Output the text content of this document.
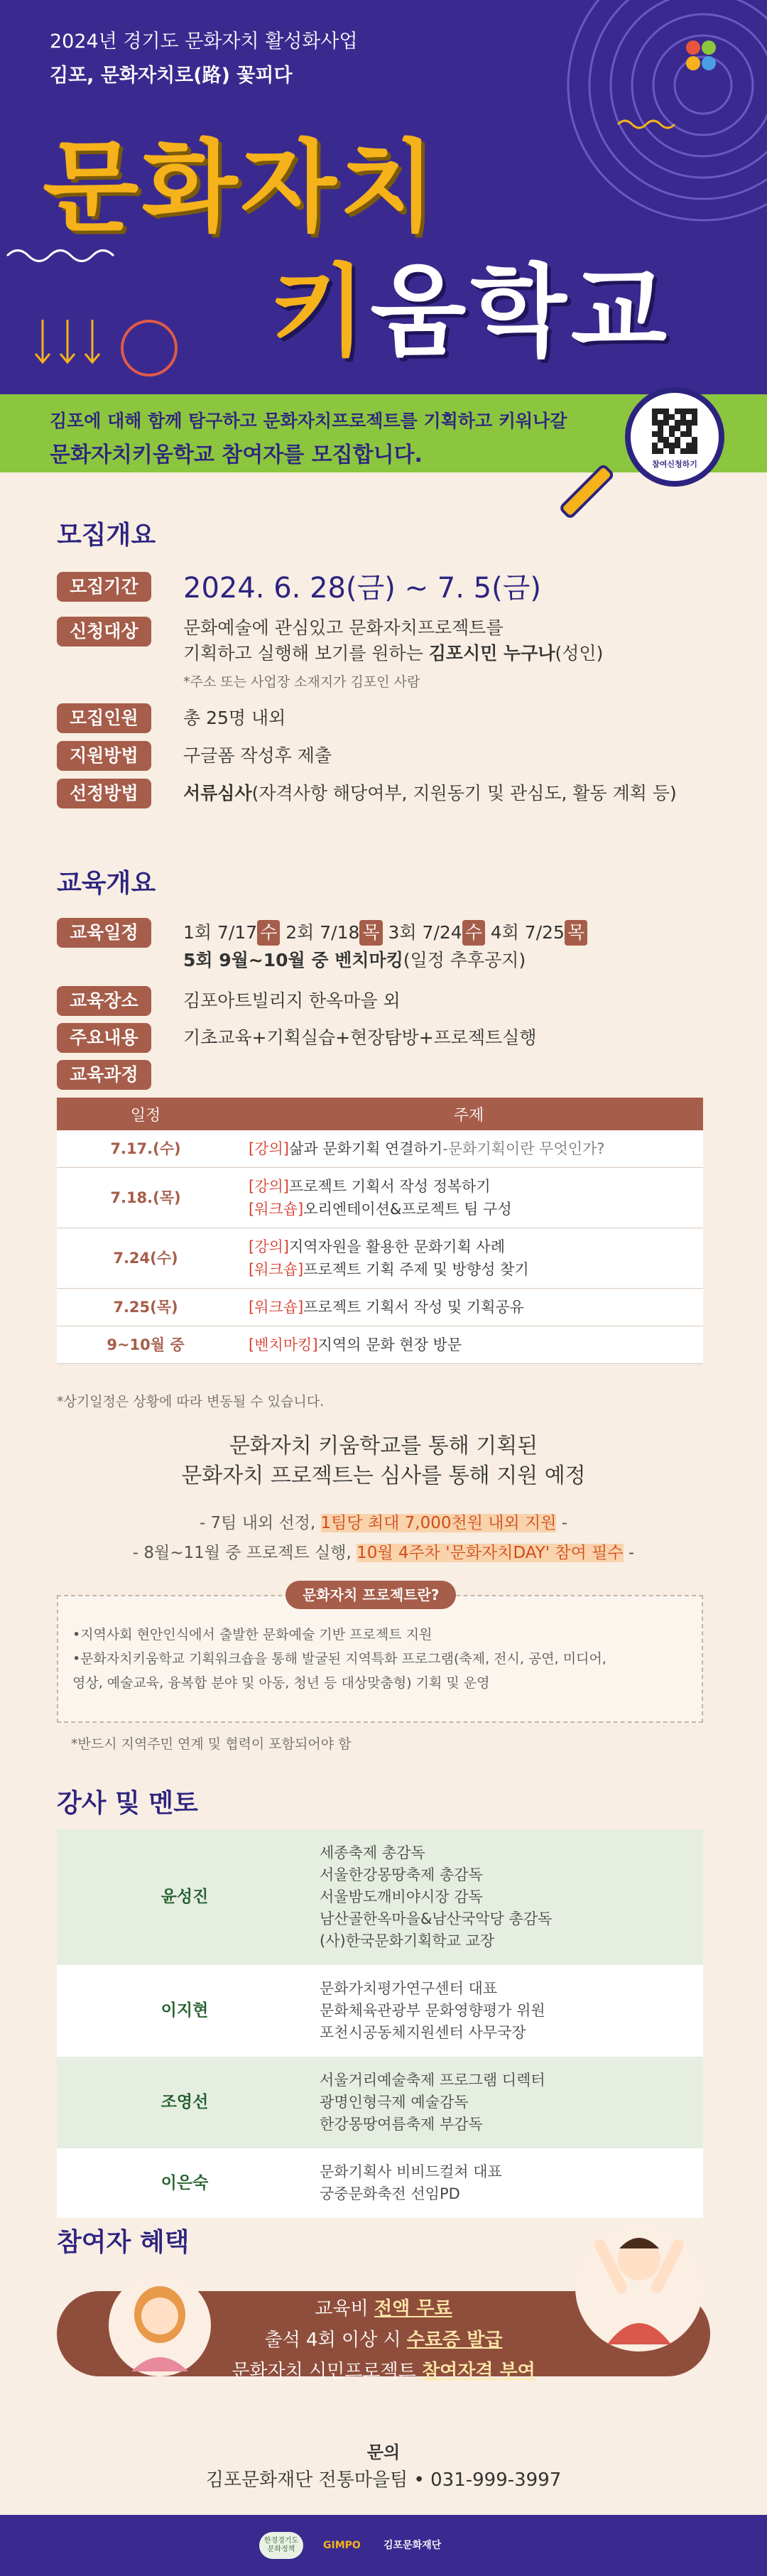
2024년 경기도 문화자치 활성화사업
김포, 문화자치로(路) 꽃피다
문화자치
키움학교
김포에 대해 함께 탐구하고 문화자치프로젝트를 기획하고 키워나갈
문화자치키움학교 참여자를 모집합니다.	참여신청하기
모집개요
모집기간	2024. 6. 28(금) ~ 7. 5(금)
신청대상	문화예술에 관심있고 문화자치프로젝트를
기획하고 실행해 보기를 원하는 김포시민 누구나(성인)
*주소 또는 사업장 소재지가 김포인 사람
모집인원	총 25명 내외
지원방법	구글폼 작성후 제출
선정방법	서류심사(자격사항 해당여부, 지원동기 및 관심도, 활동 계획 등)
교육개요
교육일정	1회 7/17 수 2회 7/18 목 3회 7/24 수 4회 7/25 목
5회 9월~10월 중 벤치마킹(일정 추후공지)
교육장소	김포아트빌리지 한옥마을 외
주요내용	기초교육+기획실습+현장탐방+프로젝트실행
교육과정
일정	주제
7.17.(수)	[강의]삶과 문화기획 연결하기-문화기획이란 무엇인가?

7.18.(목)	[강의]프로젝트 기획서 작성 정복하기
[워크숍]오리엔테이션&프로젝트 팀 구성

7.24(수)	[강의]지역자원을 활용한 문화기획 사례
[워크숍]프로젝트 기획 주제 및 방향성 찾기

7.25(목)	[워크숍]프로젝트 기획서 작성 및 기획공유

9~10월 중	[벤치마킹]지역의 문화 현장 방문
*상기일정은 상황에 따라 변동될 수 있습니다.
문화자치 키움학교를 통해 기획된
문화자치 프로젝트는 심사를 통해 지원 예정
- 7팀 내외 선정, 1팀당 최대 7,000천원 내외 지원 -
- 8월~11월 중 프로젝트 실행, 10월 4주차 '문화자치DAY' 참여 필수 -
문화자치 프로젝트란?
•지역사회 현안인식에서 출발한 문화예술 기반 프로젝트 지원
•문화자치키움학교 기획워크숍을 통해 발굴된 지역특화 프로그램(축제, 전시, 공연, 미디어,
영상, 예술교육, 융복합 분야 및 아동, 청년 등 대상맞춤형) 기획 및 운영
*반드시 지역주민 연계 및 협력이 포함되어야 함
강사 및 멘토
윤성진	세종축제 총감독
서울한강몽땅축제 총감독
서울밤도깨비야시장 감독
남산골한옥마을&남산국악당 총감독
(사)한국문화기획학교 교장

이지현	문화가치평가연구센터 대표
문화체육관광부 문화영향평가 위원
포천시공동체지원센터 사무국장

조영선	서울거리예술축제 프로그램 디렉터
광명인형극제 예술감독
한강몽땅여름축제 부감독

이은숙	문화기획사 비비드컬쳐 대표
궁중문화축전 선임PD
참여자 혜택
교육비 전액 무료
출석 4회 이상 시 수료증 발급
문화자치 시민프로젝트 참여자격 부여
문의
김포문화재단 전통마을팀 • 031-999-3997
한경경기도 문화정책	GIMPO	김포문화재단
